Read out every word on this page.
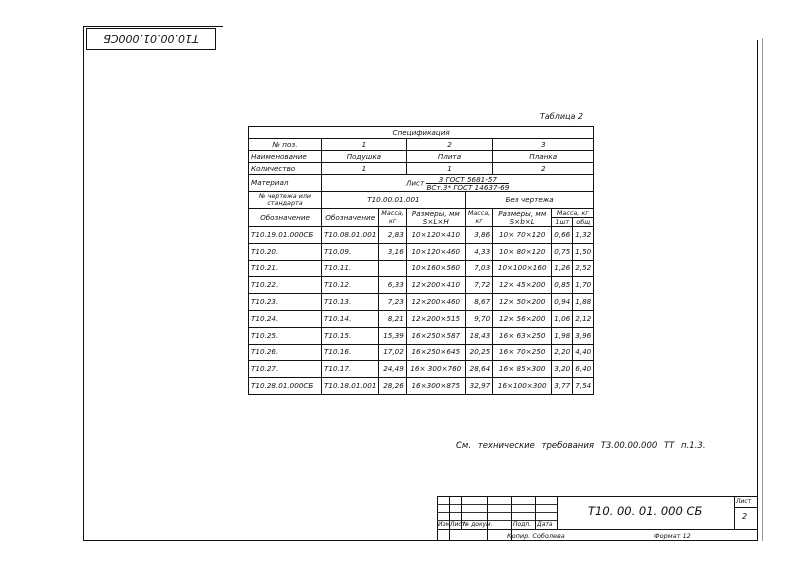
Т10.00.01.000СБ
Таблица 2
Спецификация							
№ поз.	1		2		3		
Наименование	Подушка		Плита		Планка		
Количество	1		1		2		
Материал	Лист 3 ГОСТ 5681-57
ВСт.3* ГОСТ 14637-69						

№ чертежа или стандарта	Т10.00.01.001			Без чертежа			
Обозначение	Обозначение	Масса, кг	Размеры, мм S×L×H	Масса, кг	Размеры, мм S×b×L	Масса, кг	
						1шт	общ
Т10.19.01.000СБ	Т10.08.01.001	2,83	10×120×410	3,86	10× 70×120	0,66	1,32
Т10.20.	Т10.09.	3,16	10×120×460	4,33	10× 80×120	0,75	1,50
Т10.21.	Т10.11.		10×160×560	7,03	10×100×160	1,26	2,52
Т10.22.	Т10.12.	6,33	12×200×410	7,72	12× 45×200	0,85	1,70
Т10.23.	Т10.13.	7,23	12×200×460	8,67	12× 50×200	0,94	1,88
Т10.24.	Т10.14.	8,21	12×200×515	9,70	12× 56×200	1,06	2,12
Т10.25.	Т10.15.	15,39	16×250×587	18,43	16× 63×250	1,98	3,96
Т10.26.	Т10.16.	17,02	16×250×645	20,25	16× 70×250	2,20	4,40
Т10.27.	Т10.17.	24,49	16× 300×760	28,64	16× 85×300	3,20	6,40
Т10.28.01.000СБ	Т10.18.01.001	28,26	16×300×875	32,97	16×100×300	3,77	7,54
См. технические требования Т3.00.00.000 ТТ п.1.3.
Изм Лист
№ докум.	Подп. Дата
Т10. 00. 01. 000 СБ
Лист
2
Копир. Соболева	Формат 12
